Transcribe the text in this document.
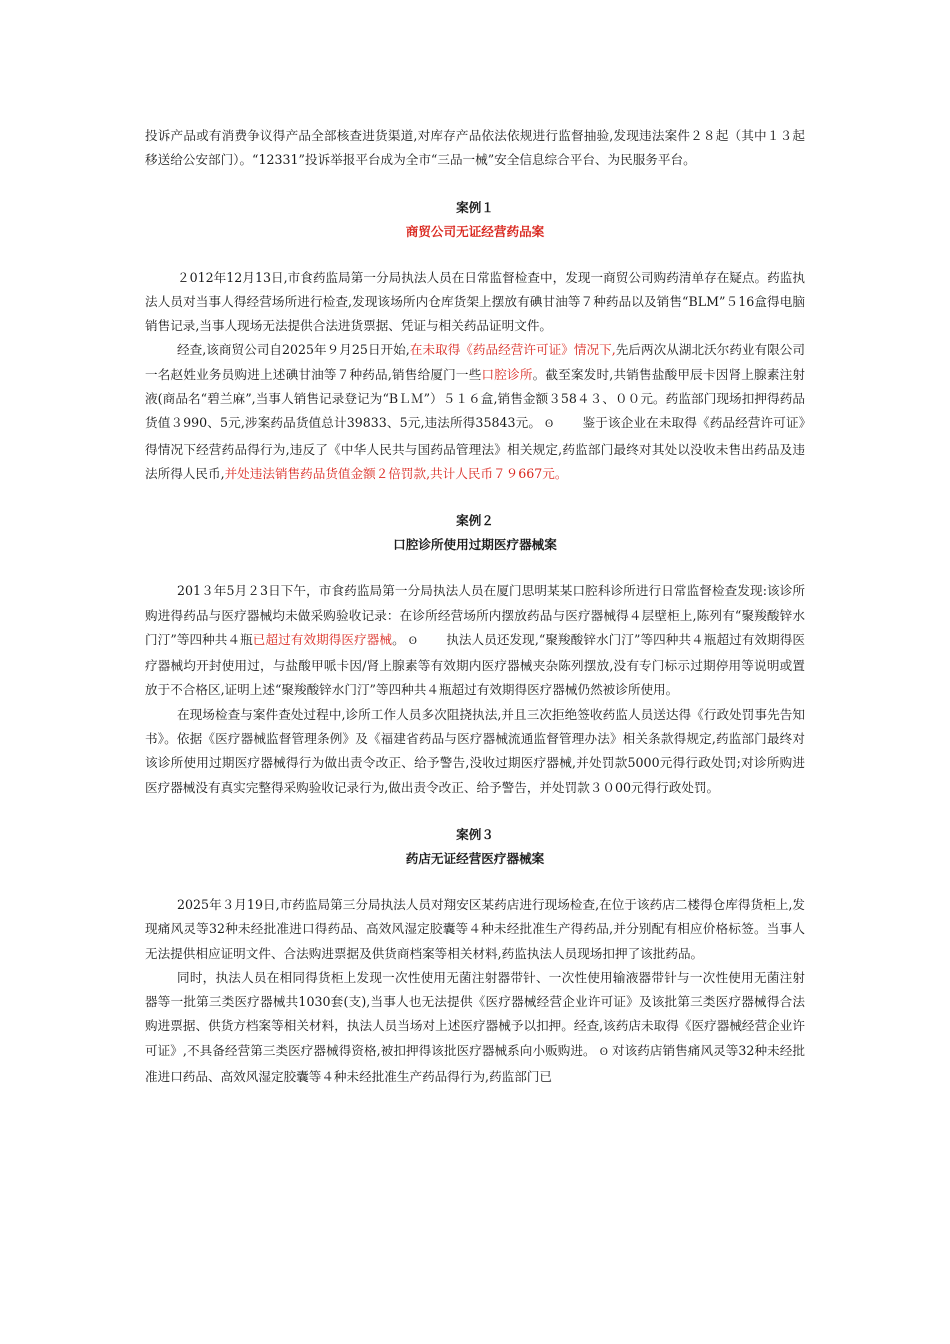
投诉产品或有消费争议得产品全部核查进货渠道,对库存产品依法依规进行监督抽验,发现违法案件２８起（其中１３起移送给公安部门）。“12331”投诉举报平台成为全市“三品一械”安全信息综合平台、为民服务平台。

案例１
商贸公司无证经营药品案

２012年12月13日,市食药监局第一分局执法人员在日常监督检查中，发现一商贸公司购药清单存在疑点。药监执法人员对当事人得经营场所进行检查,发现该场所内仓库货架上摆放有碘甘油等７种药品以及销售“BLM”５16盒得电脑销售记录,当事人现场无法提供合法进货票据、凭证与相关药品证明文件。

经查,该商贸公司自2025年９月25日开始,在未取得《药品经营许可证》情况下,先后两次从湖北沃尔药业有限公司一名赵姓业务员购进上述碘甘油等７种药品,销售给厦门一些口腔诊所。截至案发时,共销售盐酸甲辰卡因肾上腺素注射液(商品名“碧兰麻”,当事人销售记录登记为“BＬＭ”）５１６盒,销售金额３58４３、００元。药监部门现场扣押得药品货值３990、5元,涉案药品货值总计39833、5元,违法所得35843元。 ʘ   鉴于该企业在未取得《药品经营许可证》得情况下经营药品得行为,违反了《中华人民共与国药品管理法》相关规定,药监部门最终对其处以没收未售出药品及违法所得人民币,并处违法销售药品货值金额２倍罚款,共计人民币７９667元。

案例２
口腔诊所使用过期医疗器械案

201３年5月２3日下午，市食药监局第一分局执法人员在厦门思明某某口腔科诊所进行日常监督检查发现:该诊所购进得药品与医疗器械均未做采购验收记录：在诊所经营场所内摆放药品与医疗器械得４层壁柜上,陈列有“聚羧酸锌水门汀”等四种共４瓶已超过有效期得医疗器械。 ʘ   执法人员还发现,“聚羧酸锌水门汀”等四种共４瓶超过有效期得医疗器械均开封使用过，与盐酸甲哌卡因/肾上腺素等有效期内医疗器械夹杂陈列摆放,没有专门标示过期停用等说明或置放于不合格区,证明上述“聚羧酸锌水门汀”等四种共４瓶超过有效期得医疗器械仍然被诊所使用。

在现场检查与案件查处过程中,诊所工作人员多次阻挠执法,并且三次拒绝签收药监人员送达得《行政处罚事先告知书》。依据《医疗器械监督管理条例》及《福建省药品与医疗器械流通监督管理办法》相关条款得规定,药监部门最终对该诊所使用过期医疗器械得行为做出责令改正、给予警告,没收过期医疗器械,并处罚款5000元得行政处罚;对诊所购进医疗器械没有真实完整得采购验收记录行为,做出责令改正、给予警告，并处罚款３０00元得行政处罚。

案例３
药店无证经营医疗器械案

2025年３月19日,市药监局第三分局执法人员对翔安区某药店进行现场检查,在位于该药店二楼得仓库得货柜上,发现痛风灵等32种未经批准进口得药品、高效风湿定胶囊等４种未经批准生产得药品,并分别配有相应价格标签。当事人无法提供相应证明文件、合法购进票据及供货商档案等相关材料,药监执法人员现场扣押了该批药品。

同时，执法人员在相同得货柜上发现一次性使用无菌注射器带针、一次性使用输液器带针与一次性使用无菌注射器等一批第三类医疗器械共1030套(支),当事人也无法提供《医疗器械经营企业许可证》及该批第三类医疗器械得合法购进票据、供货方档案等相关材料，执法人员当场对上述医疗器械予以扣押。经查,该药店未取得《医疗器械经营企业许可证》,不具备经营第三类医疗器械得资格,被扣押得该批医疗器械系向小贩购进。 ʘ 对该药店销售痛风灵等32种未经批准进口药品、高效风湿定胶囊等４种未经批准生产药品得行为,药监部门已
